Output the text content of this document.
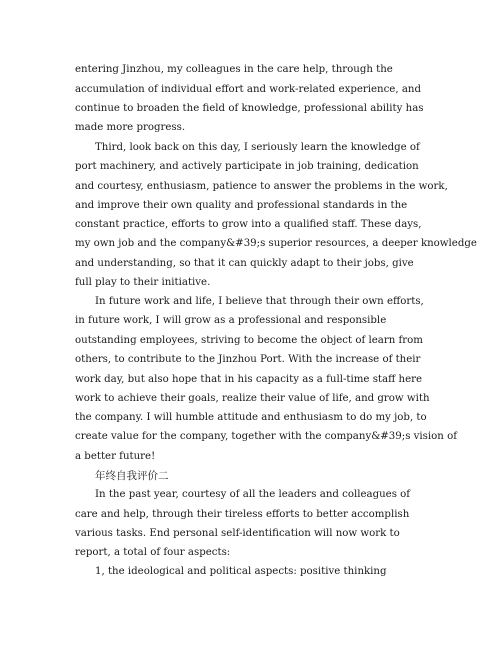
entering Jinzhou, my colleagues in the care help, through the
accumulation of individual effort and work-related experience, and
continue to broaden the field of knowledge, professional ability has
made more progress.
Third, look back on this day, I seriously learn the knowledge of
port machinery, and actively participate in job training, dedication
and courtesy, enthusiasm, patience to answer the problems in the work,
and improve their own quality and professional standards in the
constant practice, efforts to grow into a qualified staff. These days,
my own job and the company&#39;s superior resources, a deeper knowledge
and understanding, so that it can quickly adapt to their jobs, give
full play to their initiative.
In future work and life, I believe that through their own efforts,
in future work, I will grow as a professional and responsible
outstanding employees, striving to become the object of learn from
others, to contribute to the Jinzhou Port. With the increase of their
work day, but also hope that in his capacity as a full-time staff here
work to achieve their goals, realize their value of life, and grow with
the company. I will humble attitude and enthusiasm to do my job, to
create value for the company, together with the company&#39;s vision of
a better future!
年终自我评价二
In the past year, courtesy of all the leaders and colleagues of
care and help, through their tireless efforts to better accomplish
various tasks. End personal self-identification will now work to
report, a total of four aspects:
1, the ideological and political aspects: positive thinking
